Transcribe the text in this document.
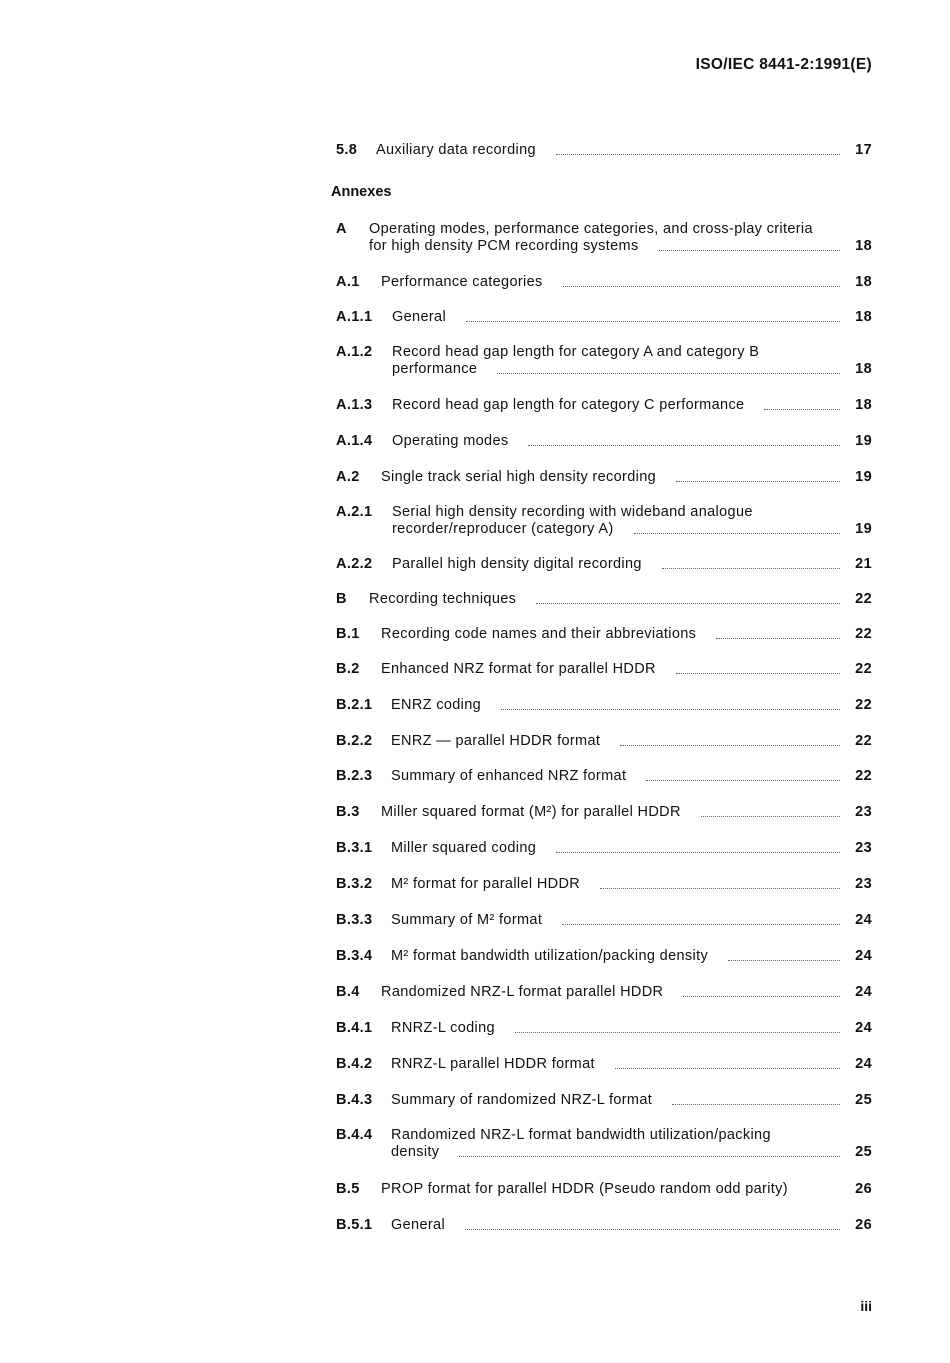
ISO/IEC 8441-2:1991(E)
5.8 Auxiliary data recording	17
Annexes
A Operating modes, performance categories, and cross-play criteria
for high density PCM recording systems	18
A.1 Performance categories	18
A.1.1 General	18
A.1.2 Record head gap length for category A and category B
performance	18
A.1.3 Record head gap length for category C performance	18
A.1.4 Operating modes	19
A.2 Single track serial high density recording	19
A.2.1 Serial high density recording with wideband analogue
recorder/reproducer (category A)	19
A.2.2 Parallel high density digital recording	21
B Recording techniques	22
B.1 Recording code names and their abbreviations	22
B.2 Enhanced NRZ format for parallel HDDR	22
B.2.1 ENRZ coding	22
B.2.2 ENRZ — parallel HDDR format	22
B.2.3 Summary of enhanced NRZ format	22
B.3 Miller squared format (M²) for parallel HDDR	23
B.3.1 Miller squared coding	23
B.3.2 M² format for parallel HDDR	23
B.3.3 Summary of M² format	24
B.3.4 M² format bandwidth utilization/packing density	24
B.4 Randomized NRZ-L format parallel HDDR	24
B.4.1 RNRZ-L coding	24
B.4.2 RNRZ-L parallel HDDR format	24
B.4.3 Summary of randomized NRZ-L format	25
B.4.4 Randomized NRZ-L format bandwidth utilization/packing
density	25
B.5 PROP format for parallel HDDR (Pseudo random odd parity)	26
B.5.1 General	26
iii
